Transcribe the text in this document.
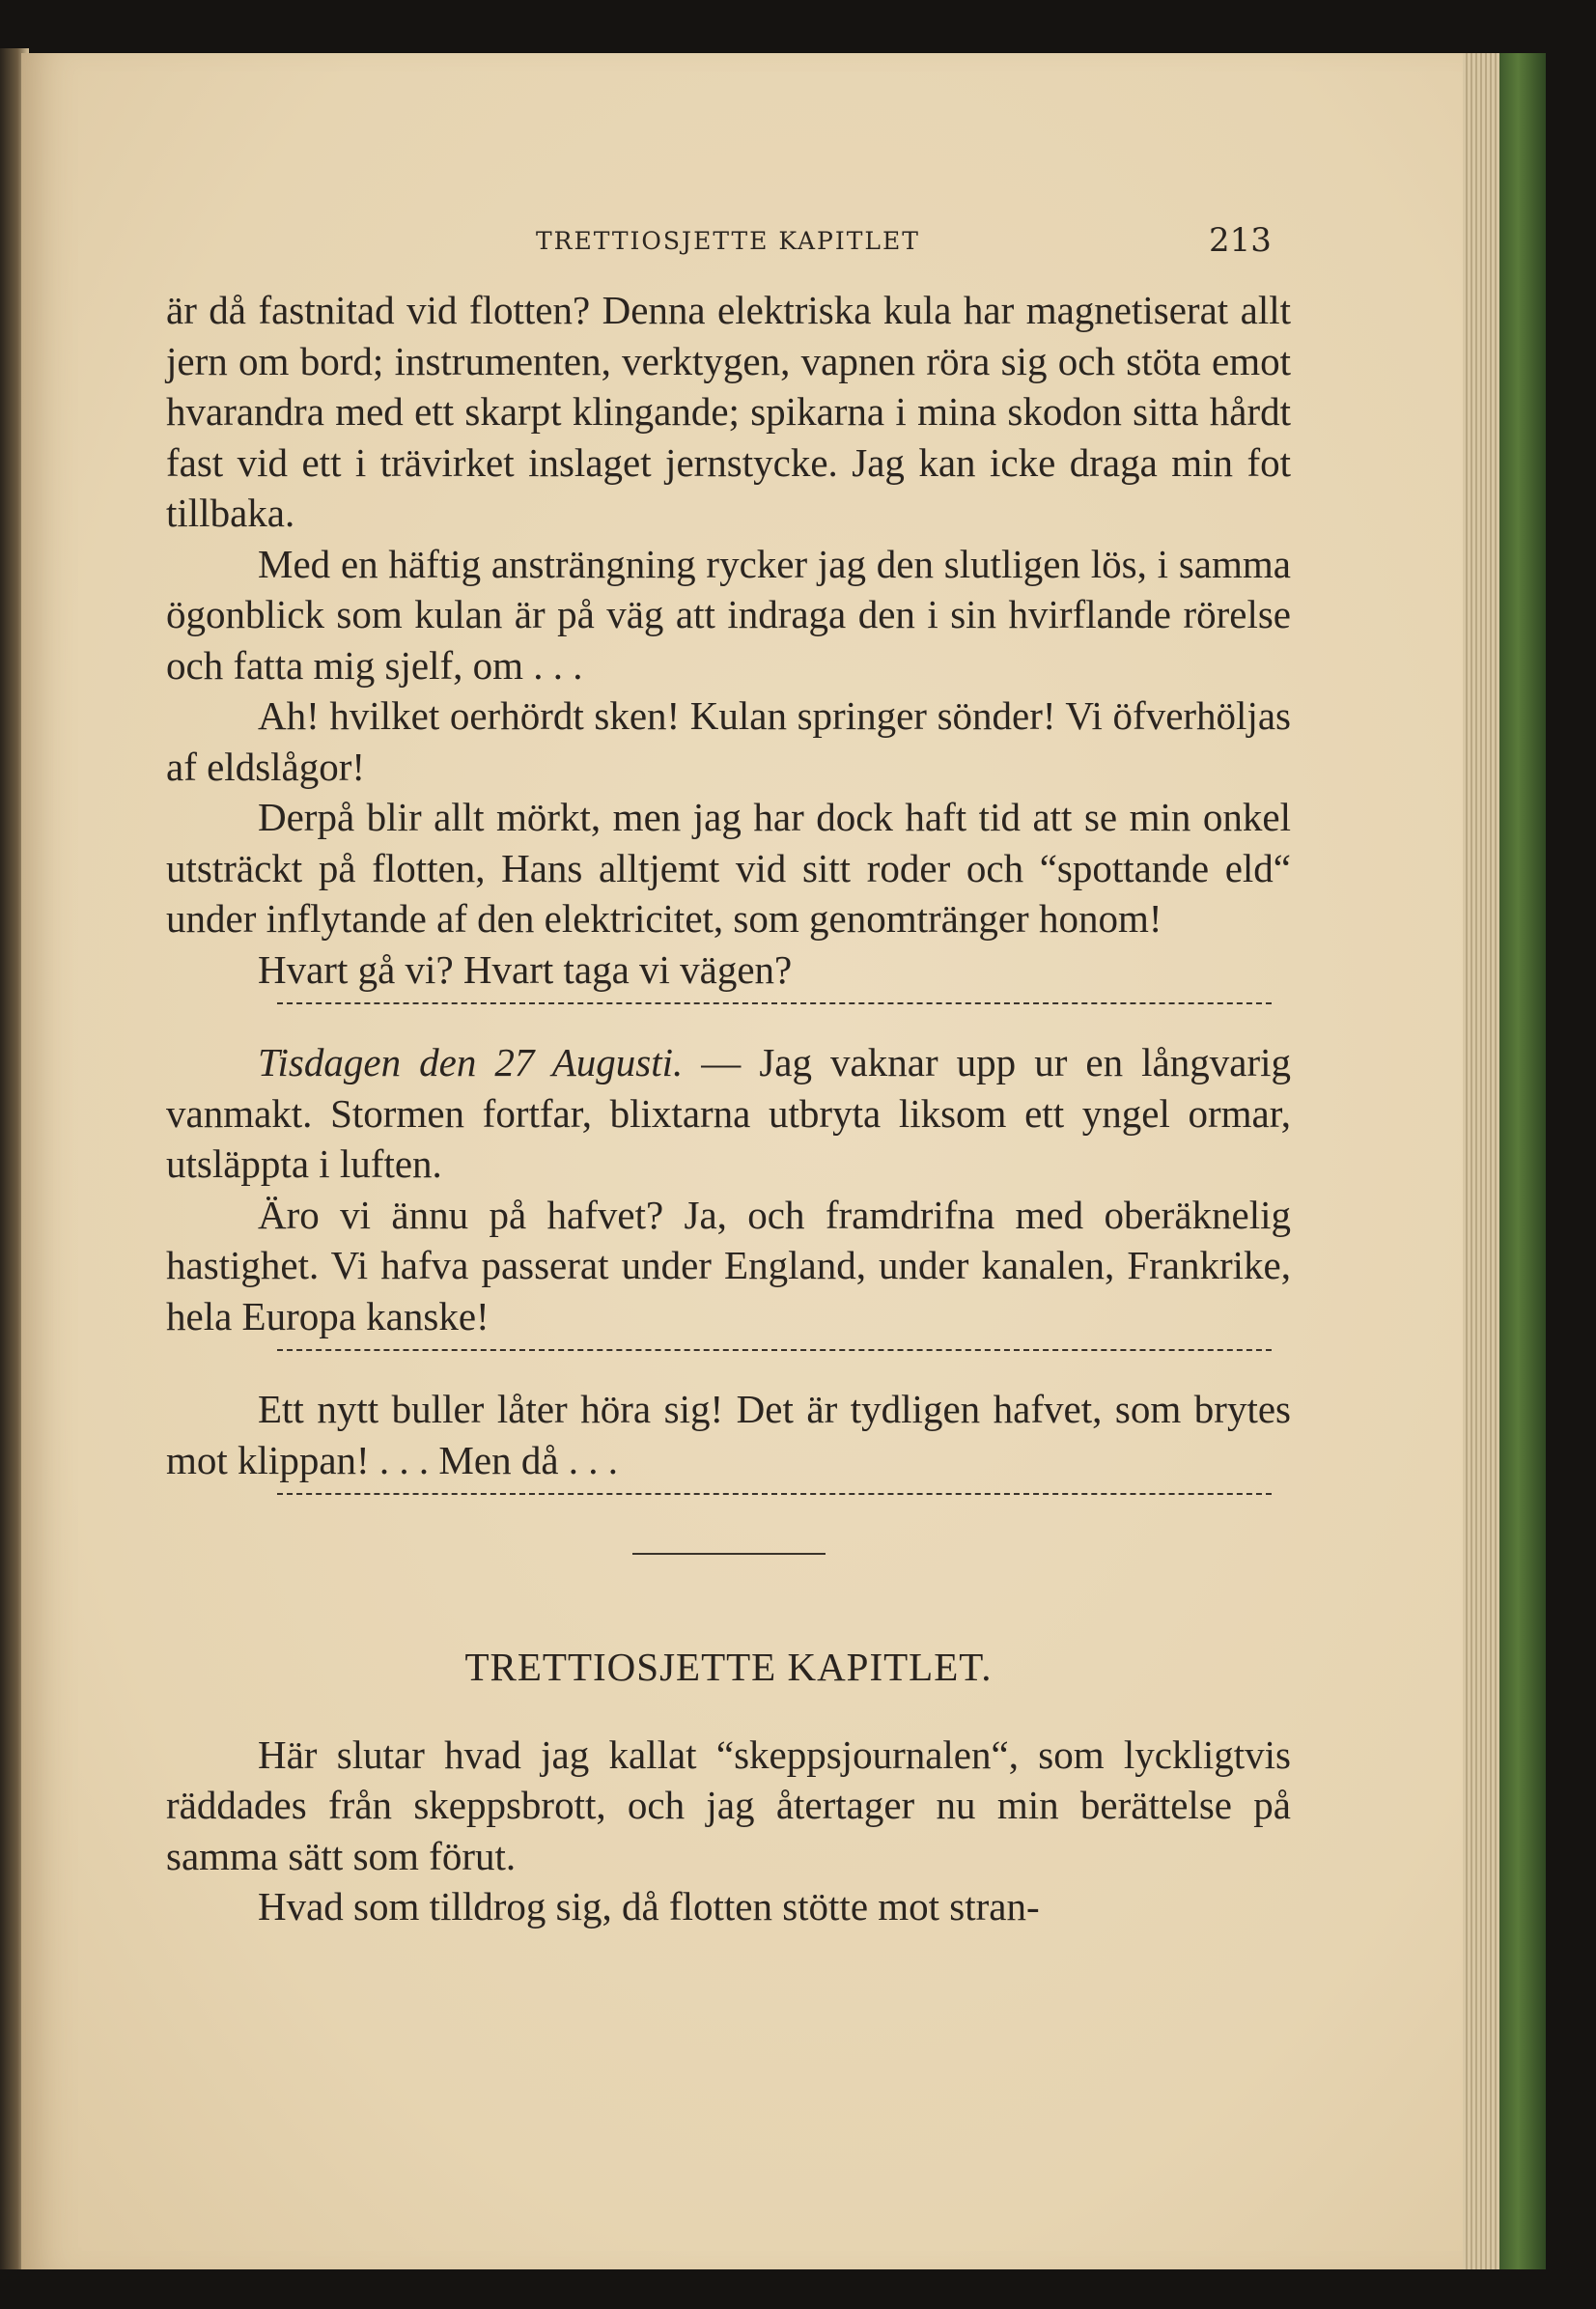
TRETTIOSJETTE KAPITLET	213

är då fastnitad vid flotten? Denna elektriska kula har magnetiserat allt jern om bord; instrumenten, verktygen, vapnen röra sig och stöta emot hvarandra med ett skarpt klingande; spikarna i mina skodon sitta hårdt fast vid ett i trävirket inslaget jernstycke. Jag kan icke draga min fot tillbaka.

Med en häftig ansträngning rycker jag den slutligen lös, i samma ögonblick som kulan är på väg att indraga den i sin hvirflande rörelse och fatta mig sjelf, om . . .

Ah! hvilket oerhördt sken! Kulan springer sönder! Vi öfverhöljas af eldslågor!

Derpå blir allt mörkt, men jag har dock haft tid att se min onkel utsträckt på flotten, Hans alltjemt vid sitt roder och “spottande eld“ under inflytande af den elektricitet, som genomtränger honom!

Hvart gå vi? Hvart taga vi vägen?

Tisdagen den 27 Augusti. — Jag vaknar upp ur en långvarig vanmakt. Stormen fortfar, blixtarna utbryta liksom ett yngel ormar, utsläppta i luften.

Äro vi ännu på hafvet? Ja, och framdrifna med oberäknelig hastighet. Vi hafva passerat under England, under kanalen, Frankrike, hela Europa kanske!

Ett nytt buller låter höra sig! Det är tydligen hafvet, som brytes mot klippan! . . . Men då . . .

TRETTIOSJETTE KAPITLET.

Här slutar hvad jag kallat “skeppsjournalen“, som lyckligtvis räddades från skeppsbrott, och jag återtager nu min berättelse på samma sätt som förut.

Hvad som tilldrog sig, då flotten stötte mot stran-
